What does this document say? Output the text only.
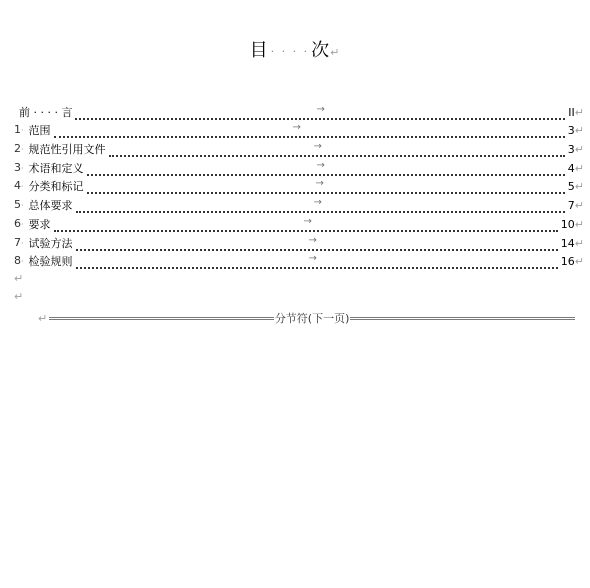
目 · · · · 次↵
前 · · · · 言	→	II ↵
1· 范围	→	3 ↵
2· 规范性引用文件	→	3 ↵
3· 术语和定义	→	4 ↵
4· 分类和标记	→	5 ↵
5· 总体要求	→	7 ↵
6· 要求	→	10 ↵
7· 试验方法	→	14 ↵
8· 检验规则	→	16 ↵
↵
↵
↵	分节符(下一页)
